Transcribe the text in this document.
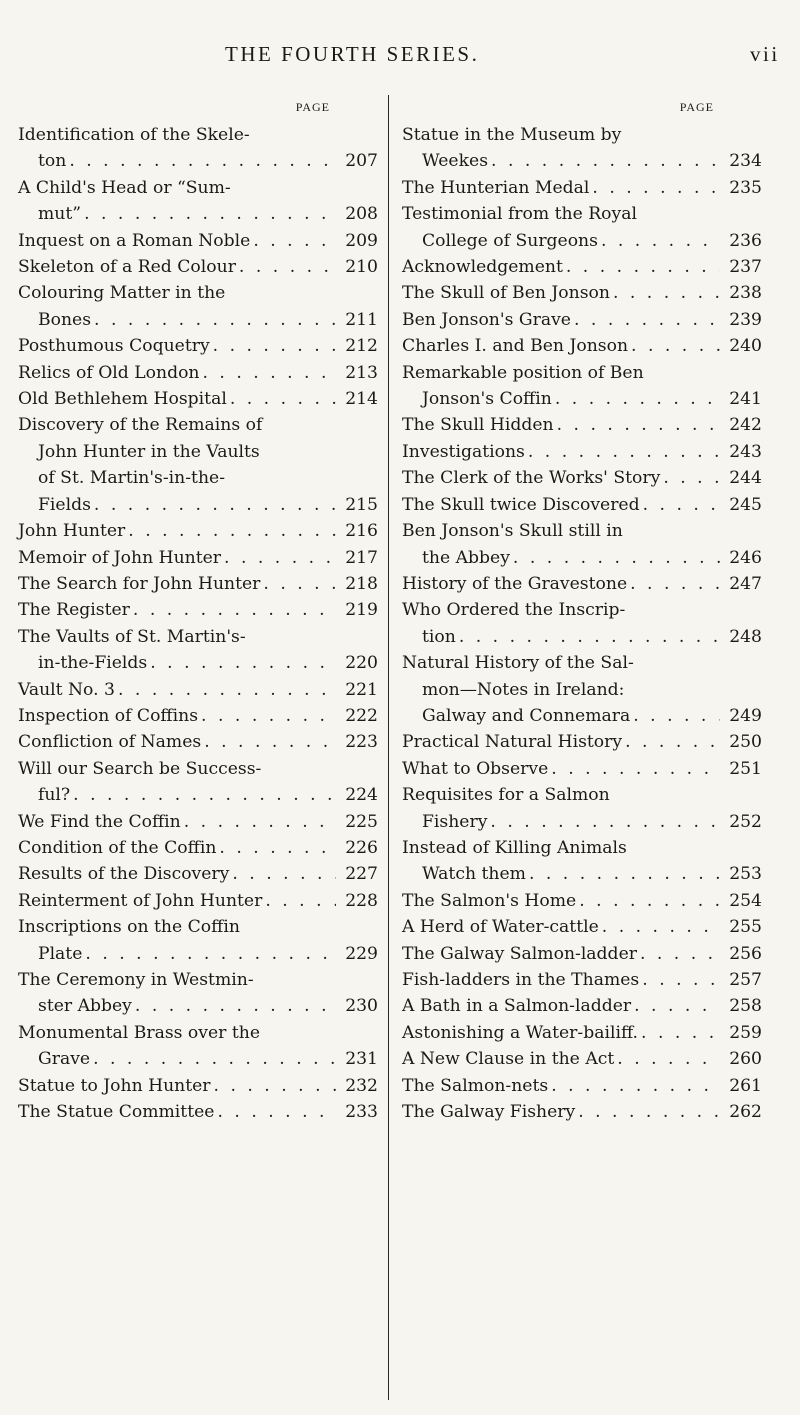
THE FOURTH SERIES.	vii
PAGE
Identification of the Skele-
ton . . .	207
A Child's Head or “Sum-
mut” . . .	208
Inquest on a Roman Noble . . .	209
Skeleton of a Red Colour . . .	210
Colouring Matter in the
Bones . . .	211
Posthumous Coquetry . . .	212
Relics of Old London . . .	213
Old Bethlehem Hospital . . .	214
Discovery of the Remains of
John Hunter in the Vaults
of St. Martin's-in-the-
Fields . . .	215
John Hunter . . .	216
Memoir of John Hunter . . .	217
The Search for John Hunter . . .	218
The Register . . .	219
The Vaults of St. Martin's-
in-the-Fields . . .	220
Vault No. 3 . . .	221
Inspection of Coffins . . .	222
Confliction of Names . . .	223
Will our Search be Success-
ful? . . .	224
We Find the Coffin . . .	225
Condition of the Coffin . . .	226
Results of the Discovery . . .	227
Reinterment of John Hunter . . .	228
Inscriptions on the Coffin
Plate . . .	229
The Ceremony in Westmin-
ster Abbey . . .	230
Monumental Brass over the
Grave . . .	231
Statue to John Hunter . . .	232
The Statue Committee . . .	233
PAGE
Statue in the Museum by
Weekes . . .	234
The Hunterian Medal . . .	235
Testimonial from the Royal
College of Surgeons . . .	236
Acknowledgement . . .	237
The Skull of Ben Jonson . . .	238
Ben Jonson's Grave . . .	239
Charles I. and Ben Jonson . . .	240
Remarkable position of Ben
Jonson's Coffin . . .	241
The Skull Hidden . . .	242
Investigations . . .	243
The Clerk of the Works' Story . . .	244
The Skull twice Discovered . . .	245
Ben Jonson's Skull still in
the Abbey . . .	246
History of the Gravestone . . .	247
Who Ordered the Inscrip-
tion . . .	248
Natural History of the Sal-
mon—Notes in Ireland:
Galway and Connemara . . .	249
Practical Natural History . . .	250
What to Observe . . .	251
Requisites for a Salmon
Fishery . . .	252
Instead of Killing Animals
Watch them . . .	253
The Salmon's Home . . .	254
A Herd of Water-cattle . . .	255
The Galway Salmon-ladder . . .	256
Fish-ladders in the Thames . . .	257
A Bath in a Salmon-ladder . . .	258
Astonishing a Water-bailiff. . . .	259
A New Clause in the Act . . .	260
The Salmon-nets . . .	261
The Galway Fishery . . .	262
